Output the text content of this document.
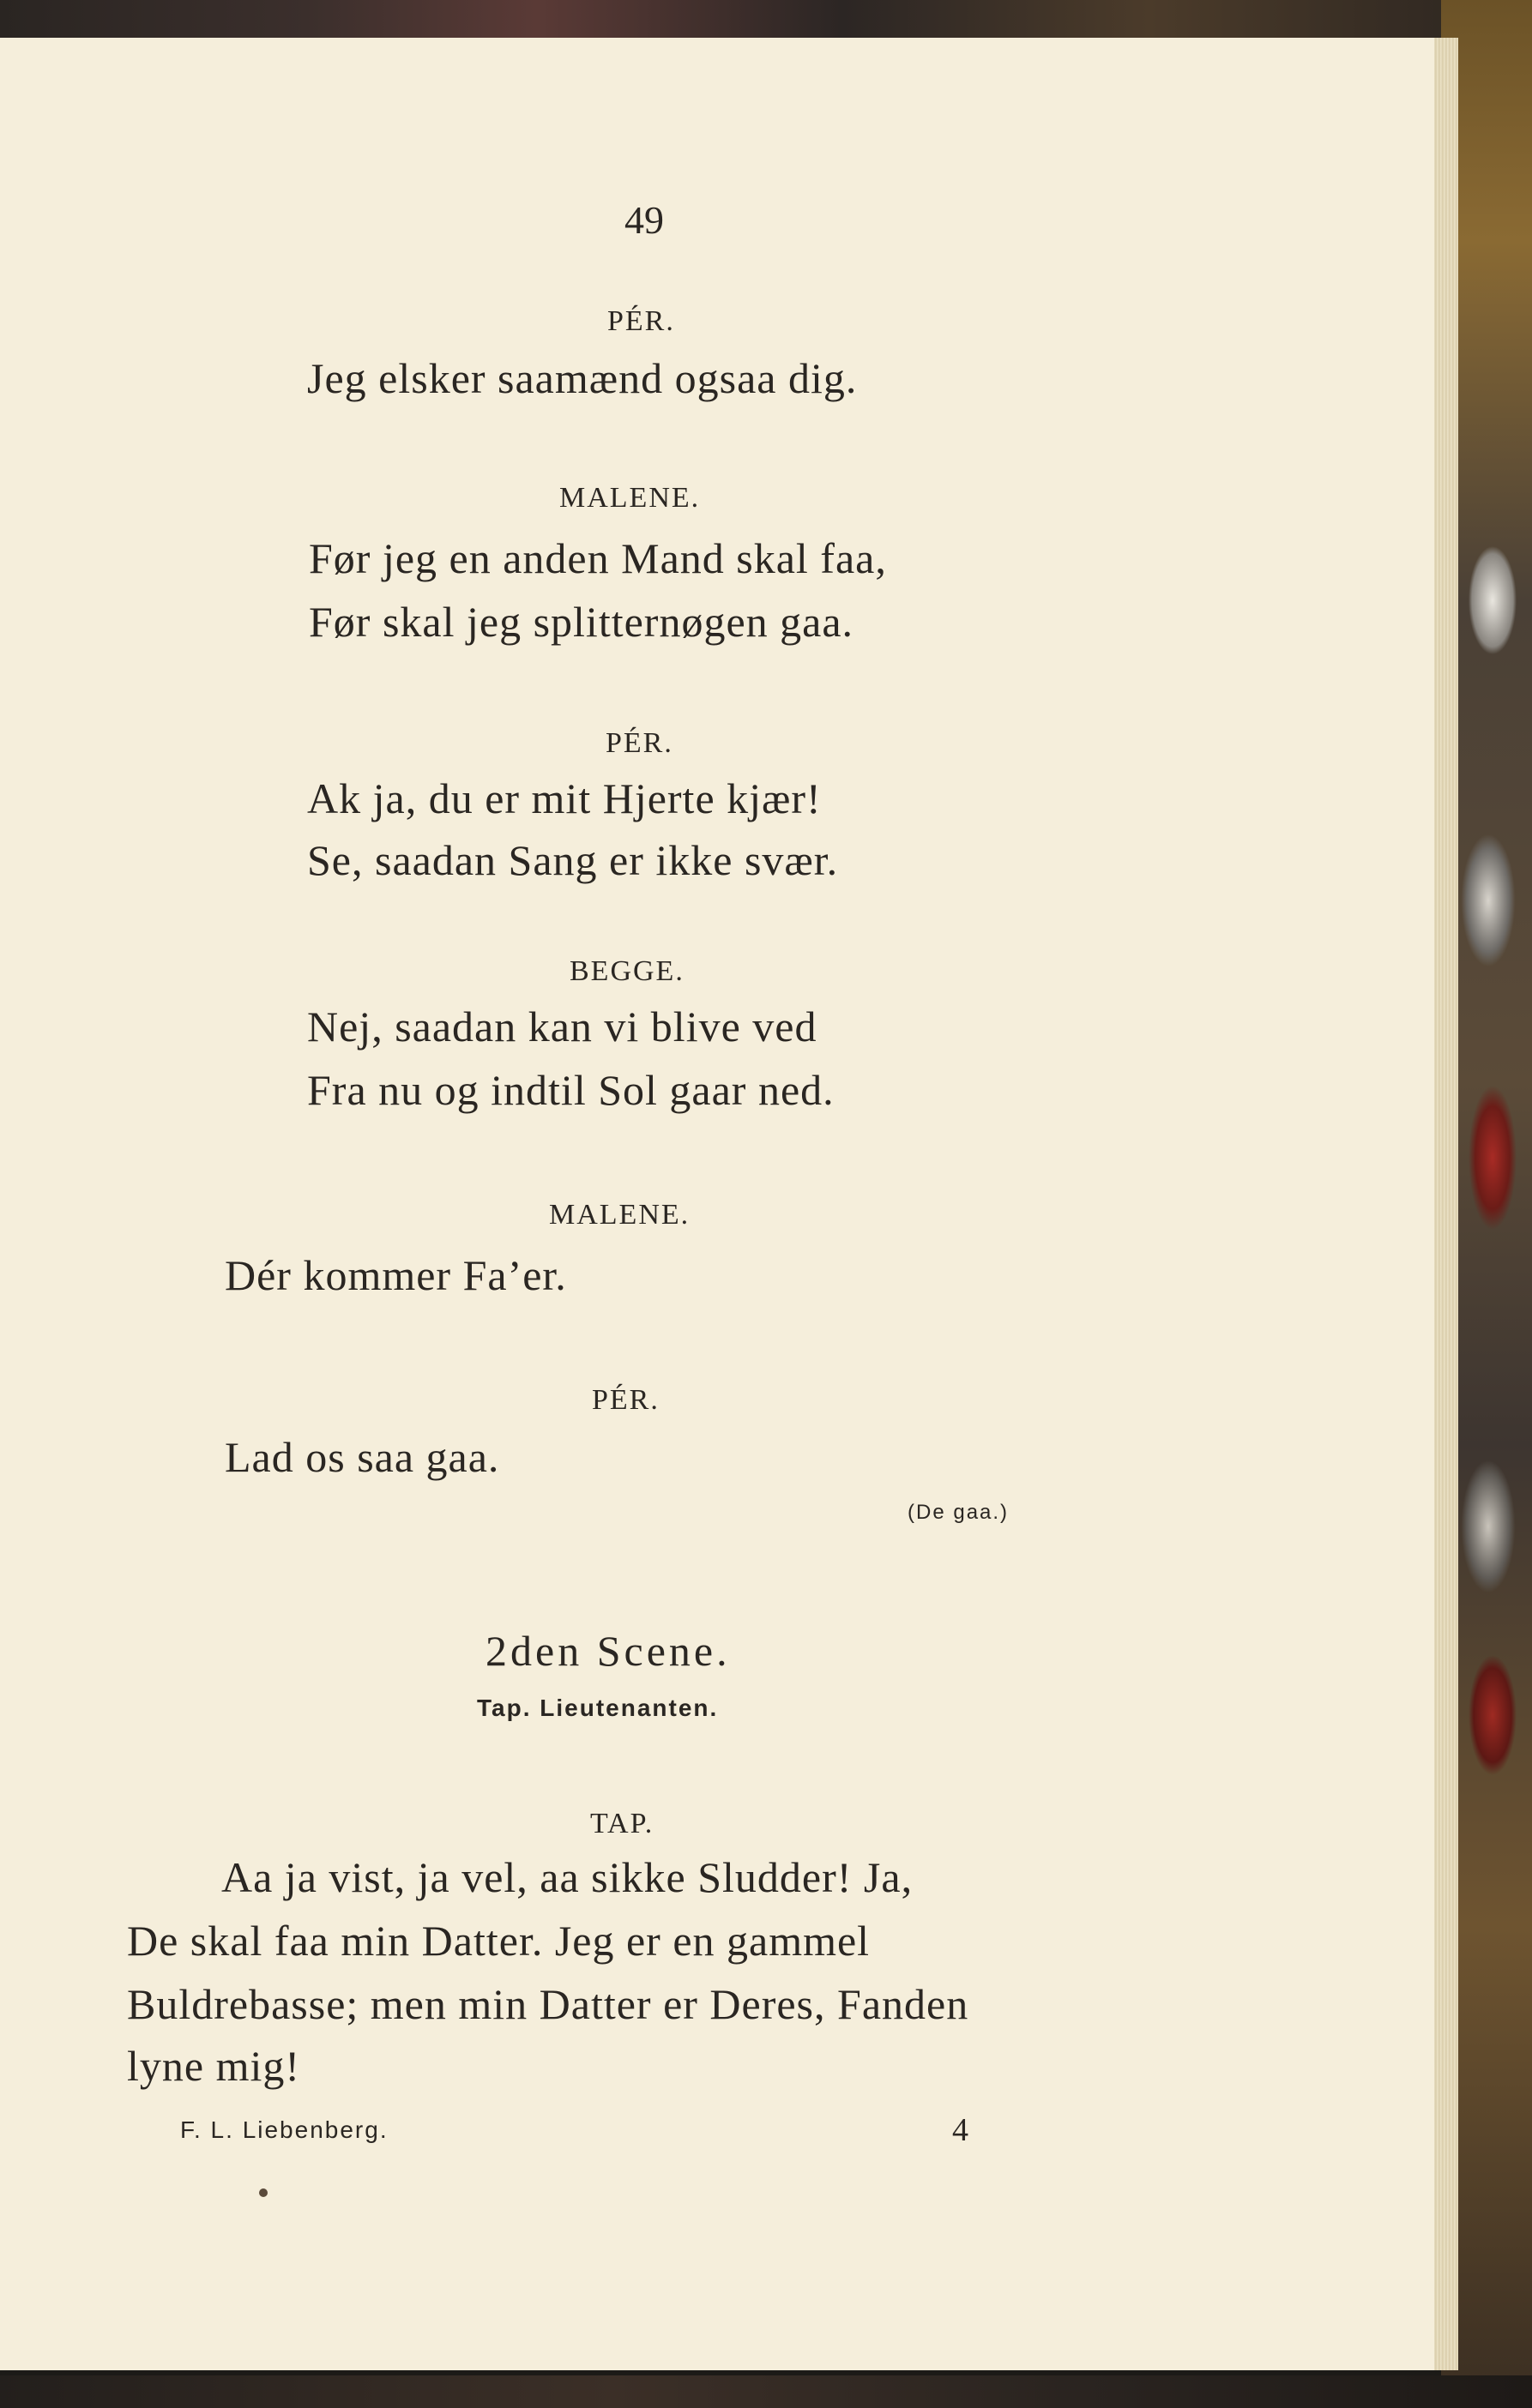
49
PÉR.
Jeg elsker saamænd ogsaa dig.
MALENE.
Før jeg en anden Mand skal faa,
Før skal jeg splitternøgen gaa.
PÉR.
Ak ja, du er mit Hjerte kjær!
Se, saadan Sang er ikke svær.
BEGGE.
Nej, saadan kan vi blive ved
Fra nu og indtil Sol gaar ned.
MALENE.
Dér kommer Fa’er.
PÉR.
Lad os saa gaa.
(De gaa.)
2den Scene.
Tap. Lieutenanten.
TAP.
Aa ja vist, ja vel, aa sikke Sludder! Ja,
De skal faa min Datter. Jeg er en gammel
Buldrebasse; men min Datter er Deres, Fanden
lyne mig!
F. L. Liebenberg.	4
